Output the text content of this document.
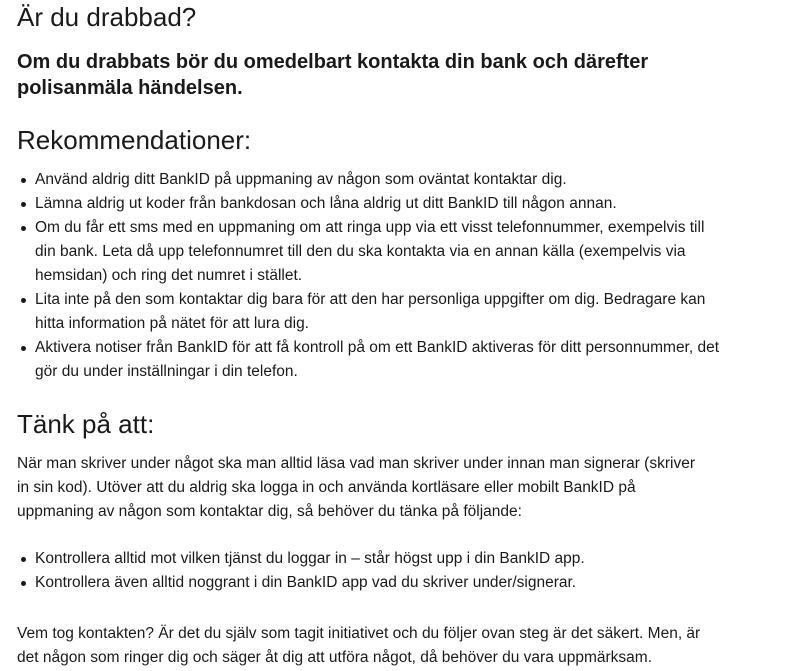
Är du drabbad?

Om du drabbats bör du omedelbart kontakta din bank och därefter polisanmäla händelsen.

Rekommendationer:
Använd aldrig ditt BankID på uppmaning av någon som oväntat kontaktar dig.
Lämna aldrig ut koder från bankdosan och låna aldrig ut ditt BankID till någon annan.
Om du får ett sms med en uppmaning om att ringa upp via ett visst telefonnummer, exempelvis till din bank. Leta då upp telefonnumret till den du ska kontakta via en annan källa (exempelvis via hemsidan) och ring det numret i stället.
Lita inte på den som kontaktar dig bara för att den har personliga uppgifter om dig. Bedragare kan hitta information på nätet för att lura dig.
Aktivera notiser från BankID för att få kontroll på om ett BankID aktiveras för ditt personnummer, det gör du under inställningar i din telefon.
Tänk på att:

När man skriver under något ska man alltid läsa vad man skriver under innan man signerar (skriver in sin kod). Utöver att du aldrig ska logga in och använda kortläsare eller mobilt BankID på uppmaning av någon som kontaktar dig, så behöver du tänka på följande:

Kontrollera alltid mot vilken tjänst du loggar in – står högst upp i din BankID app.
Kontrollera även alltid noggrant i din BankID app vad du skriver under/signerar.

Vem tog kontakten? Är det du själv som tagit initiativet och du följer ovan steg är det säkert. Men, är det någon som ringer dig och säger åt dig att utföra något, då behöver du vara uppmärksam.
